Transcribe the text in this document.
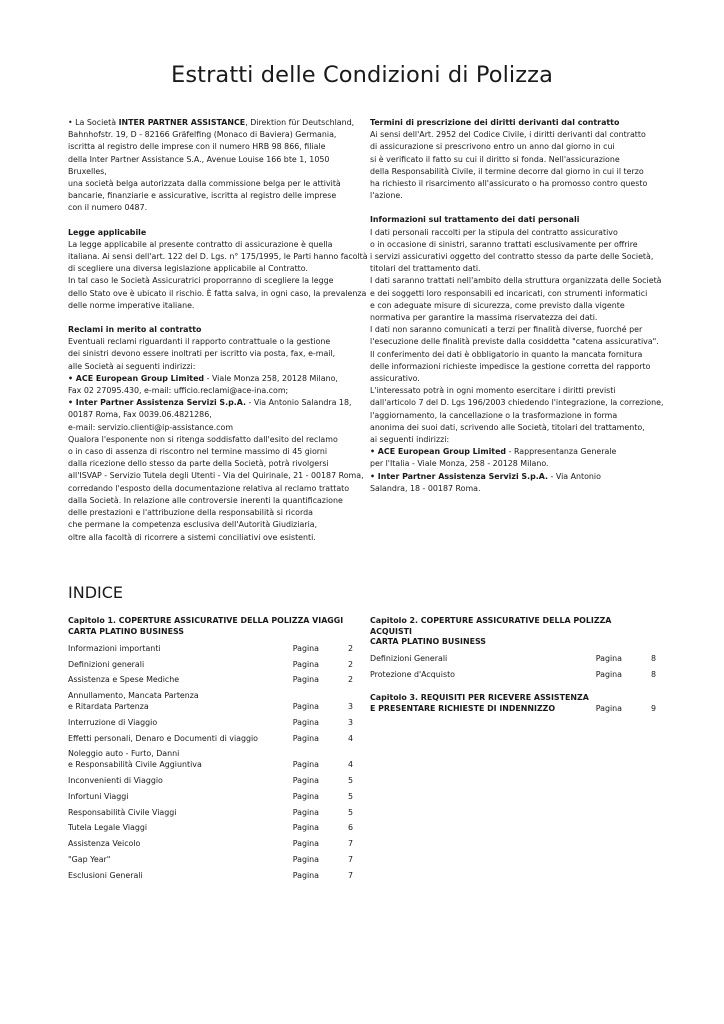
Estratti delle Condizioni di Polizza

• La Società INTER PARTNER ASSISTANCE, Direktion für Deutschland,
Bahnhofstr. 19, D - 82166 Gräfelfing (Monaco di Baviera) Germania,
iscritta al registro delle imprese con il numero HRB 98 866, filiale
della Inter Partner Assistance S.A., Avenue Louise 166 bte 1, 1050 Bruxelles,
una società belga autorizzata dalla commissione belga per le attività
bancarie, finanziarie e assicurative, iscritta al registro delle imprese
con il numero 0487.

Legge applicabile

La legge applicabile al presente contratto di assicurazione è quella
italiana. Ai sensi dell'art. 122 del D. Lgs. n° 175/1995, le Parti hanno facoltà
di scegliere una diversa legislazione applicabile al Contratto.
In tal caso le Società Assicuratrici proporranno di scegliere la legge
dello Stato ove è ubicato il rischio. È fatta salva, in ogni caso, la prevalenza
delle norme imperative italiane.

Reclami in merito al contratto

Eventuali reclami riguardanti il rapporto contrattuale o la gestione
dei sinistri devono essere inoltrati per iscritto via posta, fax, e-mail,
alle Società ai seguenti indirizzi:

• ACE European Group Limited - Viale Monza 258, 20128 Milano,
Fax 02 27095.430, e-mail: ufficio.reclami@ace-ina.com;

• Inter Partner Assistenza Servizi S.p.A. - Via Antonio Salandra 18,
00187 Roma, Fax 0039.06.4821286,
e-mail: servizio.clienti@ip-assistance.com

Qualora l'esponente non si ritenga soddisfatto dall'esito del reclamo
o in caso di assenza di riscontro nel termine massimo di 45 giorni
dalla ricezione dello stesso da parte della Società, potrà rivolgersi
all'ISVAP - Servizio Tutela degli Utenti - Via del Quirinale, 21 - 00187 Roma,
corredando l'esposto della documentazione relativa al reclamo trattato
dalla Società. In relazione alle controversie inerenti la quantificazione
delle prestazioni e l'attribuzione della responsabilità si ricorda
che permane la competenza esclusiva dell'Autorità Giudiziaria,
oltre alla facoltà di ricorrere a sistemi conciliativi ove esistenti.

Termini di prescrizione dei diritti derivanti dal contratto

Ai sensi dell'Art. 2952 del Codice Civile, i diritti derivanti dal contratto
di assicurazione si prescrivono entro un anno dal giorno in cui
si è verificato il fatto su cui il diritto si fonda. Nell'assicurazione
della Responsabilità Civile, il termine decorre dal giorno in cui il terzo
ha richiesto il risarcimento all'assicurato o ha promosso contro questo
l'azione.

Informazioni sul trattamento dei dati personali

I dati personali raccolti per la stipula del contratto assicurativo
o in occasione di sinistri, saranno trattati esclusivamente per offrire
i servizi assicurativi oggetto del contratto stesso da parte delle Società,
titolari del trattamento dati.
I dati saranno trattati nell'ambito della struttura organizzata delle Società
e dei soggetti loro responsabili ed incaricati, con strumenti informatici
e con adeguate misure di sicurezza, come previsto dalla vigente
normativa per garantire la massima riservatezza dei dati.
I dati non saranno comunicati a terzi per finalità diverse, fuorché per
l'esecuzione delle finalità previste dalla cosiddetta "catena assicurativa".
Il conferimento dei dati è obbligatorio in quanto la mancata fornitura
delle informazioni richieste impedisce la gestione corretta del rapporto
assicurativo.
L'interessato potrà in ogni momento esercitare i diritti previsti
dall'articolo 7 del D. Lgs 196/2003 chiedendo l'integrazione, la correzione,
l'aggiornamento, la cancellazione o la trasformazione in forma
anonima dei suoi dati, scrivendo alle Società, titolari del trattamento,
ai seguenti indirizzi:

• ACE European Group Limited - Rappresentanza Generale
per l'Italia - Viale Monza, 258 - 20128 Milano.

• Inter Partner Assistenza Servizi S.p.A. - Via Antonio
Salandra, 18 - 00187 Roma.

INDICE
Capitolo 1. COPERTURE ASSICURATIVE DELLA POLIZZA VIAGGI
CARTA PLATINO BUSINESS
Informazioni importanti	Pagina	2
Definizioni generali	Pagina	2
Assistenza e Spese Mediche	Pagina	2
Annullamento, Mancata Partenza
e Ritardata Partenza	Pagina	3
Interruzione di Viaggio	Pagina	3
Effetti personali, Denaro e Documenti di viaggio	Pagina	4
Noleggio auto - Furto, Danni
e Responsabilità Civile Aggiuntiva	Pagina	4
Inconvenienti di Viaggio	Pagina	5
Infortuni Viaggi	Pagina	5
Responsabilità Civile Viaggi	Pagina	5
Tutela Legale Viaggi	Pagina	6
Assistenza Veicolo	Pagina	7
"Gap Year"	Pagina	7
Esclusioni Generali	Pagina	7
Capitolo 2. COPERTURE ASSICURATIVE DELLA POLIZZA ACQUISTI
CARTA PLATINO BUSINESS
Definizioni Generali	Pagina	8
Protezione d'Acquisto	Pagina	8
Capitolo 3. REQUISITI PER RICEVERE ASSISTENZA
E PRESENTARE RICHIESTE DI INDENNIZZO	Pagina	9
